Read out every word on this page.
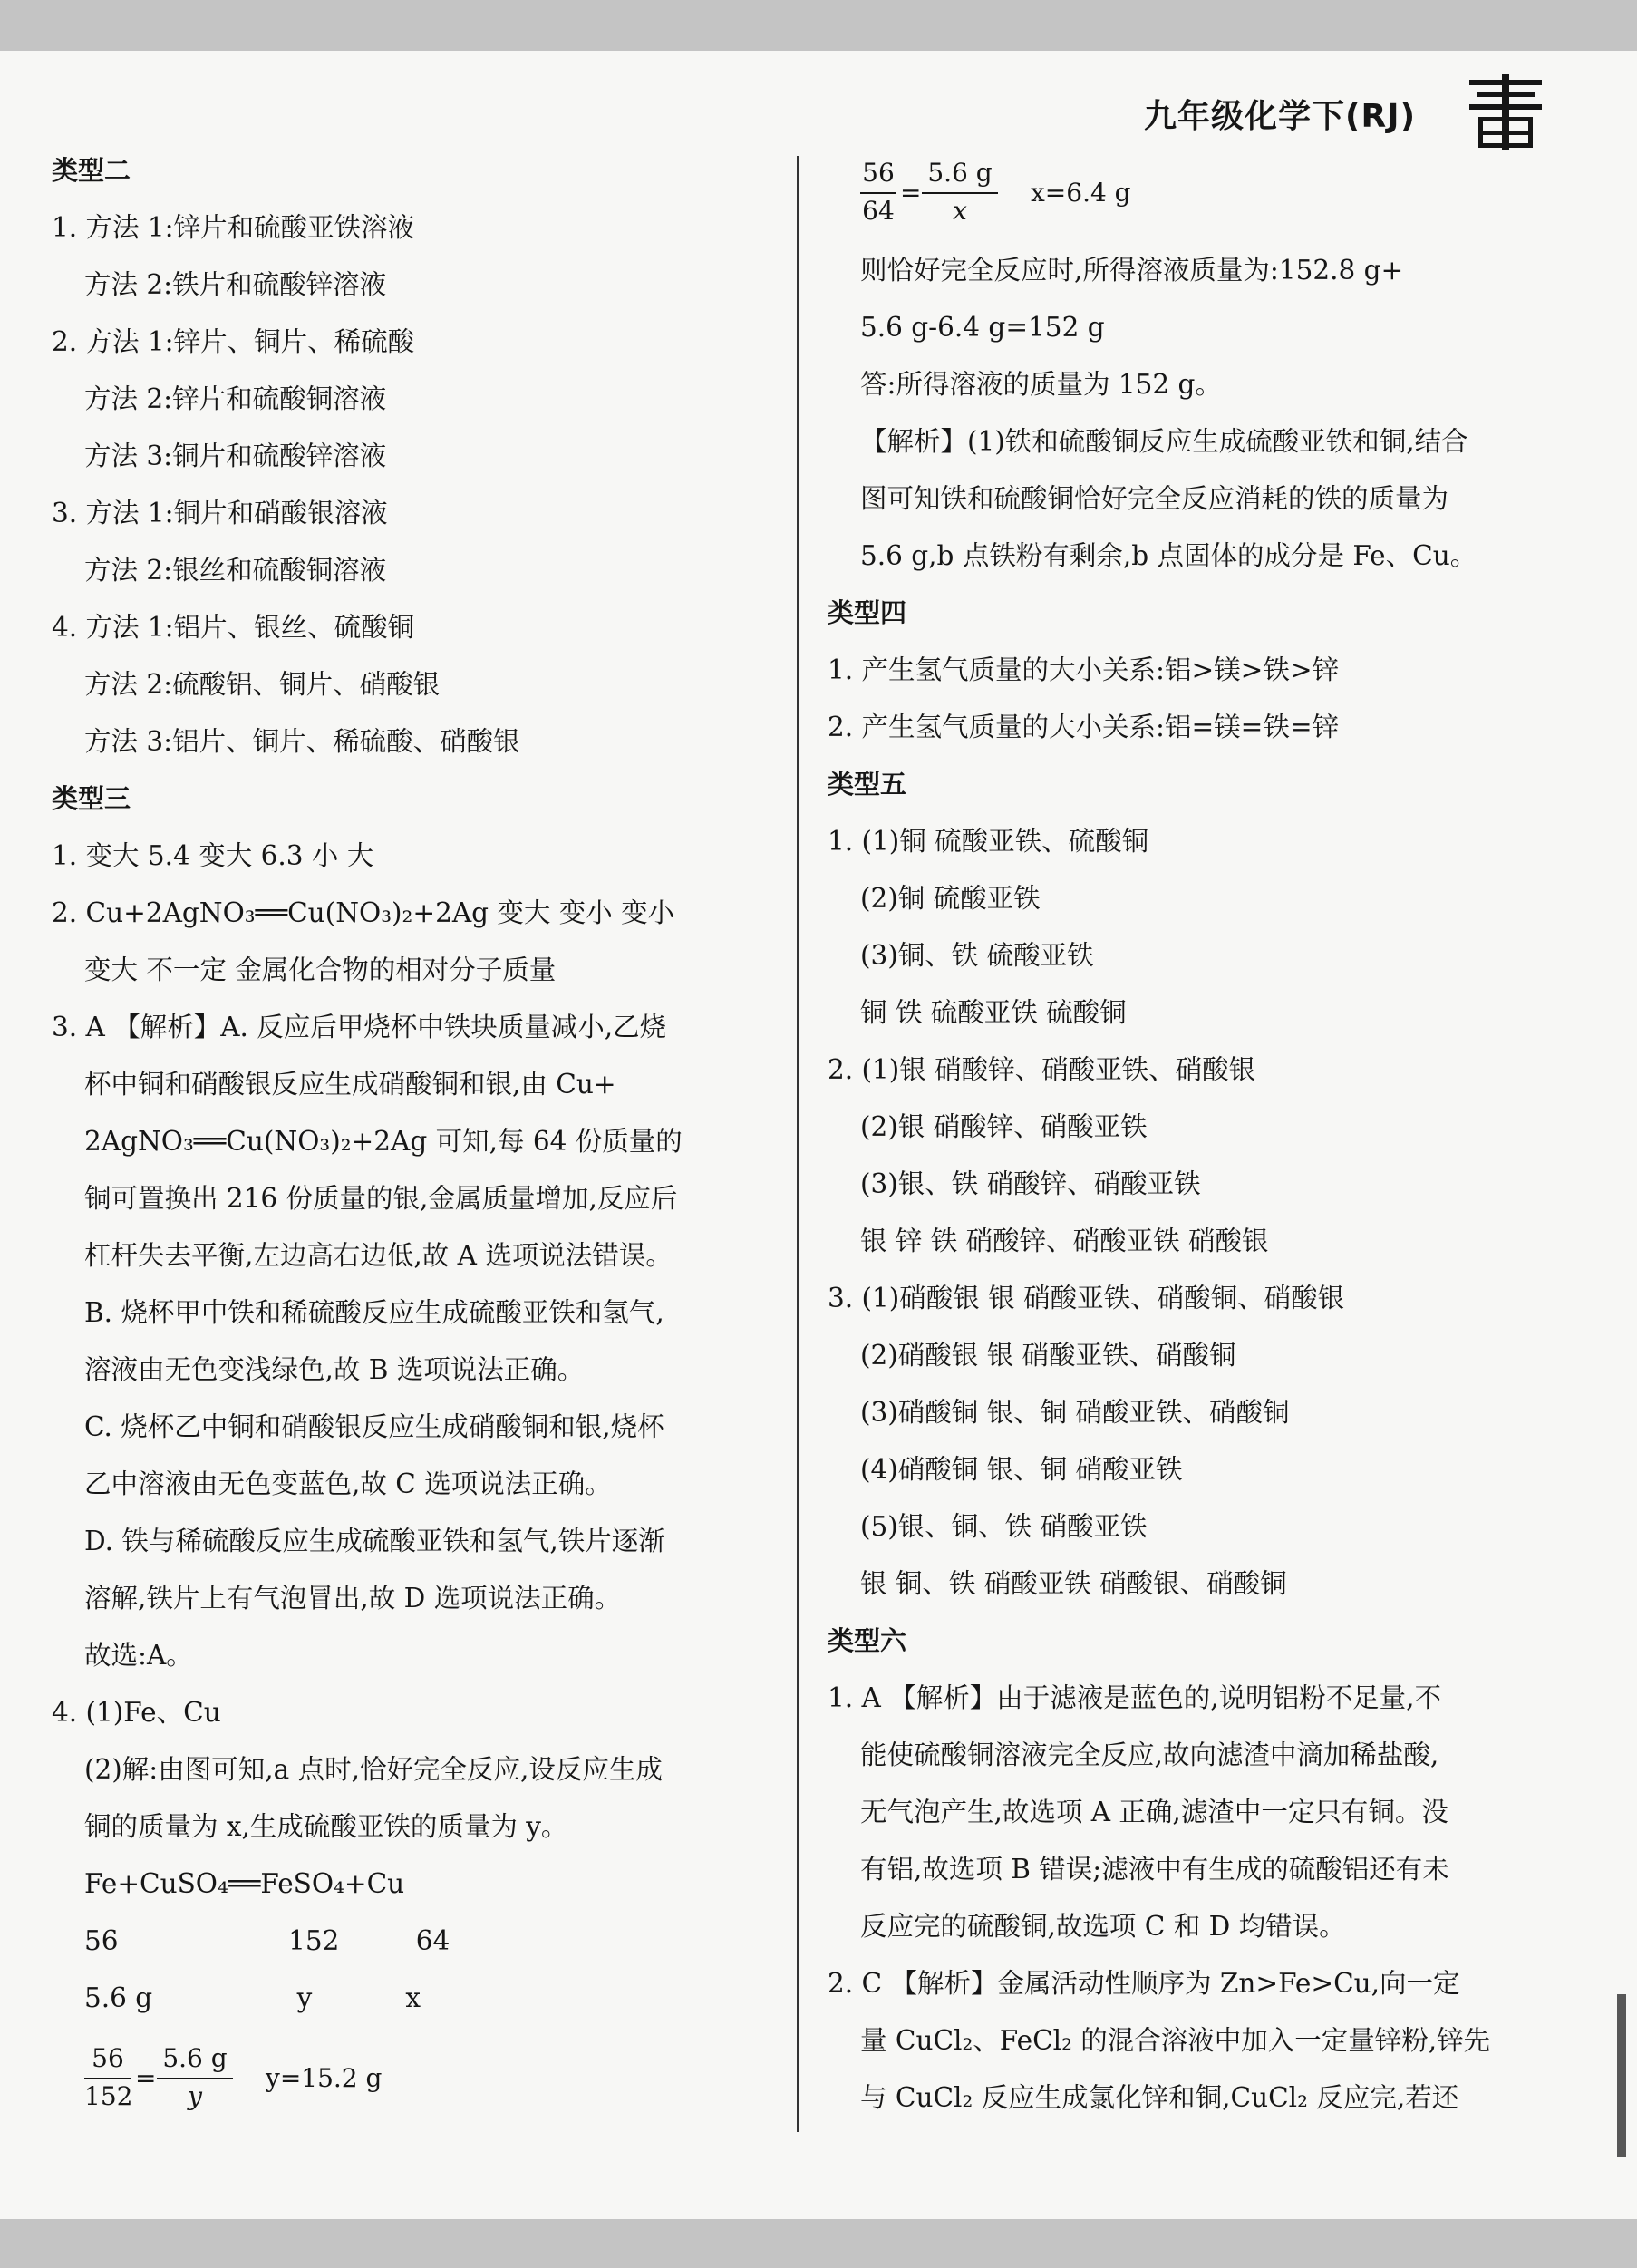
九年级化学下(RJ)
类型二
1. 方法 1:锌片和硫酸亚铁溶液
方法 2:铁片和硫酸锌溶液
2. 方法 1:锌片、铜片、稀硫酸
方法 2:锌片和硫酸铜溶液
方法 3:铜片和硫酸锌溶液
3. 方法 1:铜片和硝酸银溶液
方法 2:银丝和硫酸铜溶液
4. 方法 1:铝片、银丝、硫酸铜
方法 2:硫酸铝、铜片、硝酸银
方法 3:铝片、铜片、稀硫酸、硝酸银
类型三
1. 变大 5.4 变大 6.3 小 大
2. Cu+2AgNO₃══Cu(NO₃)₂+2Ag 变大 变小 变小
变大 不一定 金属化合物的相对分子质量
3. A 【解析】A. 反应后甲烧杯中铁块质量减小,乙烧
杯中铜和硝酸银反应生成硝酸铜和银,由 Cu+
2AgNO₃══Cu(NO₃)₂+2Ag 可知,每 64 份质量的
铜可置换出 216 份质量的银,金属质量增加,反应后
杠杆失去平衡,左边高右边低,故 A 选项说法错误。
B. 烧杯甲中铁和稀硫酸反应生成硫酸亚铁和氢气,
溶液由无色变浅绿色,故 B 选项说法正确。
C. 烧杯乙中铜和硝酸银反应生成硝酸铜和银,烧杯
乙中溶液由无色变蓝色,故 C 选项说法正确。
D. 铁与稀硫酸反应生成硫酸亚铁和氢气,铁片逐渐
溶解,铁片上有气泡冒出,故 D 选项说法正确。
故选:A。
4. (1)Fe、Cu
(2)解:由图可知,a 点时,恰好完全反应,设反应生成
铜的质量为 x,生成硫酸亚铁的质量为 y。
Fe+CuSO₄══FeSO₄+Cu
56                    152         64
5.6 g                 y           x
56
152
=
5.6 g
y
y=15.2 g
56
64
=
5.6 g
x
x=6.4 g
则恰好完全反应时,所得溶液质量为:152.8 g+
5.6 g-6.4 g=152 g
答:所得溶液的质量为 152 g。
【解析】(1)铁和硫酸铜反应生成硫酸亚铁和铜,结合
图可知铁和硫酸铜恰好完全反应消耗的铁的质量为
5.6 g,b 点铁粉有剩余,b 点固体的成分是 Fe、Cu。
类型四
1. 产生氢气质量的大小关系:铝>镁>铁>锌
2. 产生氢气质量的大小关系:铝=镁=铁=锌
类型五
1. (1)铜 硫酸亚铁、硫酸铜
(2)铜 硫酸亚铁
(3)铜、铁 硫酸亚铁
铜 铁 硫酸亚铁 硫酸铜
2. (1)银 硝酸锌、硝酸亚铁、硝酸银
(2)银 硝酸锌、硝酸亚铁
(3)银、铁 硝酸锌、硝酸亚铁
银 锌 铁 硝酸锌、硝酸亚铁 硝酸银
3. (1)硝酸银 银 硝酸亚铁、硝酸铜、硝酸银
(2)硝酸银 银 硝酸亚铁、硝酸铜
(3)硝酸铜 银、铜 硝酸亚铁、硝酸铜
(4)硝酸铜 银、铜 硝酸亚铁
(5)银、铜、铁 硝酸亚铁
银 铜、铁 硝酸亚铁 硝酸银、硝酸铜
类型六
1. A 【解析】由于滤液是蓝色的,说明铝粉不足量,不
能使硫酸铜溶液完全反应,故向滤渣中滴加稀盐酸,
无气泡产生,故选项 A 正确,滤渣中一定只有铜。没
有铝,故选项 B 错误;滤液中有生成的硫酸铝还有未
反应完的硫酸铜,故选项 C 和 D 均错误。
2. C 【解析】金属活动性顺序为 Zn>Fe>Cu,向一定
量 CuCl₂、FeCl₂ 的混合溶液中加入一定量锌粉,锌先
与 CuCl₂ 反应生成氯化锌和铜,CuCl₂ 反应完,若还
